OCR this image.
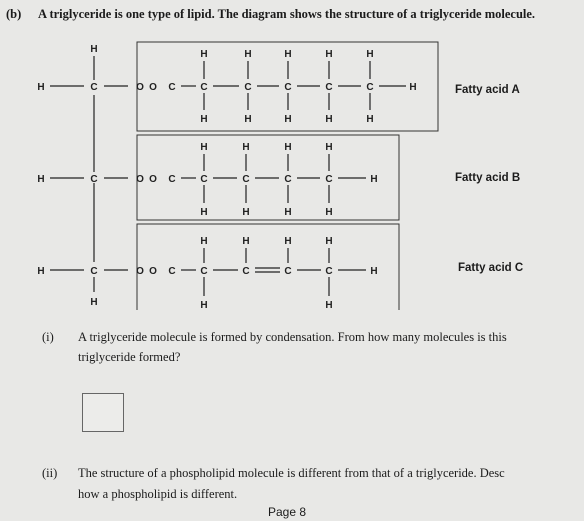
(b) A triglyceride is one type of lipid. The diagram shows the structure of a triglyceride molecule.
H	C	O O C
H
H	C	O O C
H	C	O O C
H
C
H
H
C
H
H
C
H
H
C
H
H
C
H
H
H
C
H
H
C
H
H
C
H
H
C
H
H
H
C
H
C
H
C
H
C
H
H	H
H
Fatty acid A
Fatty acid B
Fatty acid C
(i) A triglyceride molecule is formed by condensation. From how many molecules is this
triglyceride formed?
(ii) The structure of a phospholipid molecule is different from that of a triglyceride. Desc
how a phospholipid is different.
Page 8
